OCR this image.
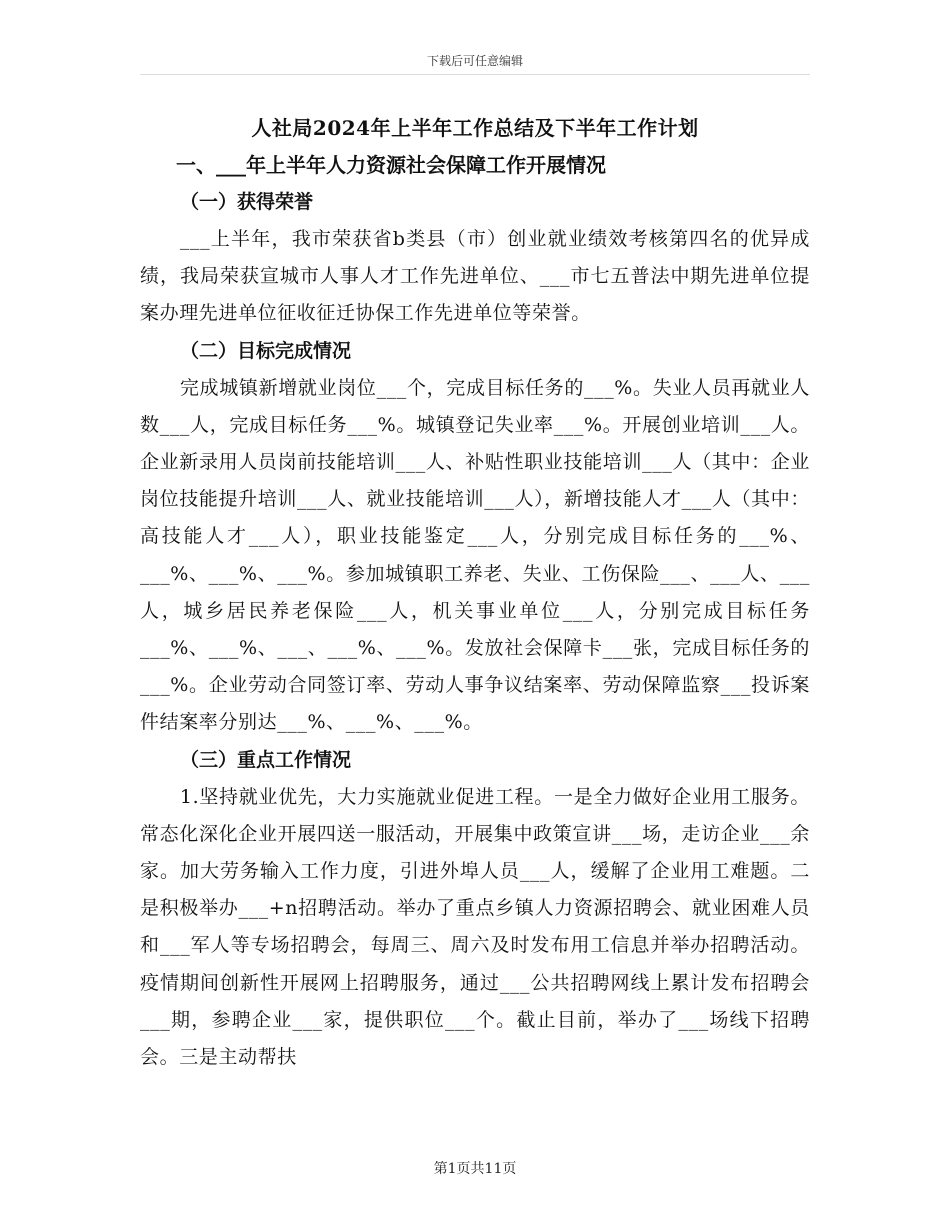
下载后可任意编辑

人社局2024年上半年工作总结及下半年工作计划

一、___年上半年人力资源社会保障工作开展情况

（一）获得荣誉

___上半年，我市荣获省b类县（市）创业就业绩效考核第四名的优异成绩，我局荣获宣城市人事人才工作先进单位、___市七五普法中期先进单位提案办理先进单位征收征迁协保工作先进单位等荣誉。

（二）目标完成情况

完成城镇新增就业岗位___个，完成目标任务的___%。失业人员再就业人数___人，完成目标任务___%。城镇登记失业率___%。开展创业培训___人。企业新录用人员岗前技能培训___人、补贴性职业技能培训___人（其中：企业岗位技能提升培训___人、就业技能培训___人），新增技能人才___人（其中：高技能人才___人），职业技能鉴定___人，分别完成目标任务的___%、___%、___%、___%。参加城镇职工养老、失业、工伤保险___、___人、___人，城乡居民养老保险___人，机关事业单位___人，分别完成目标任务___%、___%、___、___%、___%。发放社会保障卡___张，完成目标任务的___%。企业劳动合同签订率、劳动人事争议结案率、劳动保障监察___投诉案件结案率分别达___%、___%、___%。

（三）重点工作情况

1.坚持就业优先，大力实施就业促进工程。一是全力做好企业用工服务。常态化深化企业开展四送一服活动，开展集中政策宣讲___场，走访企业___余家。加大劳务输入工作力度，引进外埠人员___人，缓解了企业用工难题。二是积极举办___+n招聘活动。举办了重点乡镇人力资源招聘会、就业困难人员和___军人等专场招聘会，每周三、周六及时发布用工信息并举办招聘活动。疫情期间创新性开展网上招聘服务，通过___公共招聘网线上累计发布招聘会___期，参聘企业___家，提供职位___个。截止目前，举办了___场线下招聘会。三是主动帮扶

第1页共11页
